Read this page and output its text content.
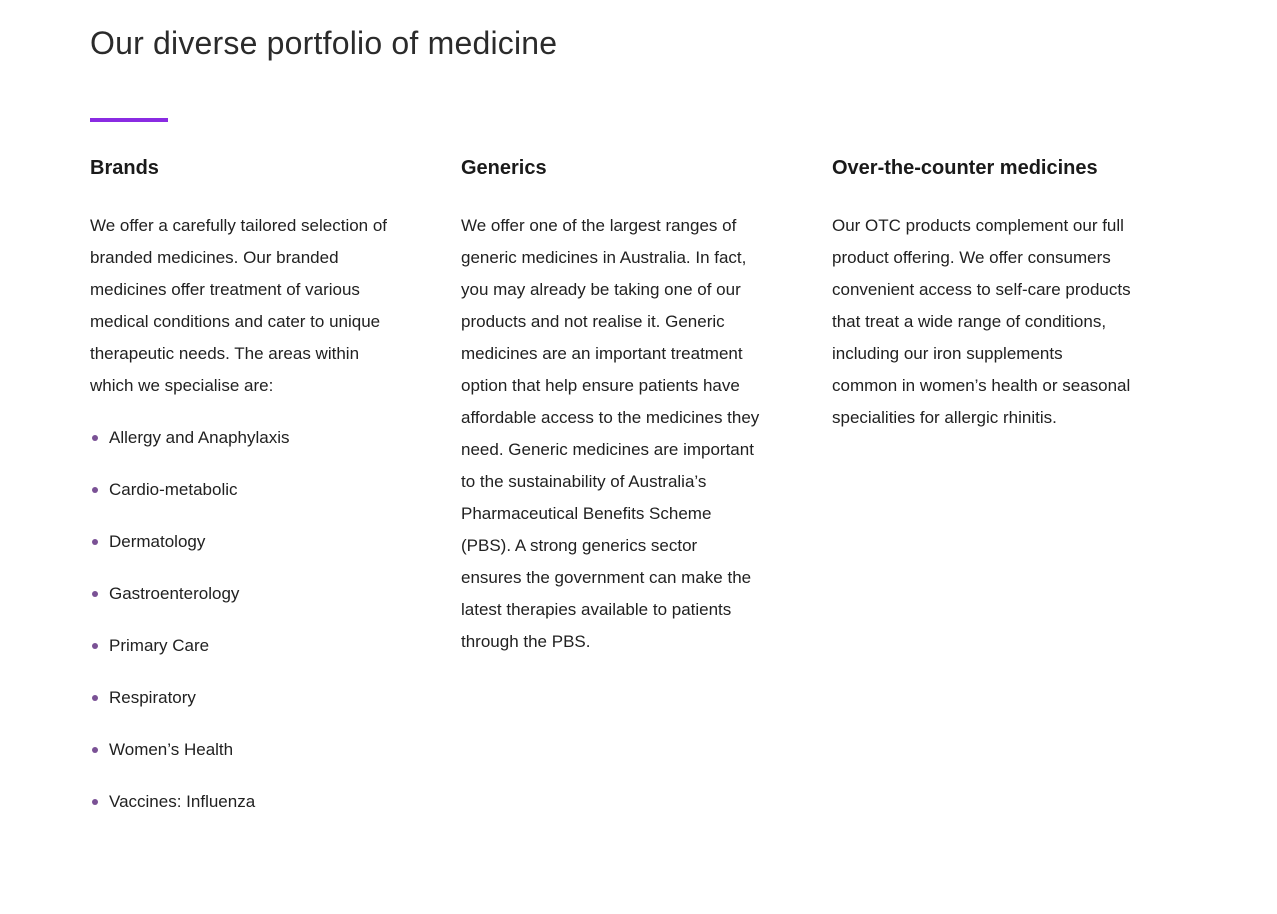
Our diverse portfolio of medicine
Brands

We offer a carefully tailored selection of branded medicines. Our branded medicines offer treatment of various medical conditions and cater to unique therapeutic needs. The areas within which we specialise are:

Allergy and Anaphylaxis
Cardio-metabolic
Dermatology
Gastroenterology
Primary Care
Respiratory
Women’s Health
Vaccines: Influenza
Generics

We offer one of the largest ranges of generic medicines in Australia. In fact, you may already be taking one of our products and not realise it. Generic medicines are an important treatment option that help ensure patients have affordable access to the medicines they need. Generic medicines are important to the sustainability of Australia’s Pharmaceutical Benefits Scheme (PBS). A strong generics sector ensures the government can make the latest therapies available to patients through the PBS.

Over-the-counter medicines

Our OTC products complement our full product offering. We offer consumers convenient access to self-care products that treat a wide range of conditions, including our iron supplements common in women’s health or seasonal specialities for allergic rhinitis.
